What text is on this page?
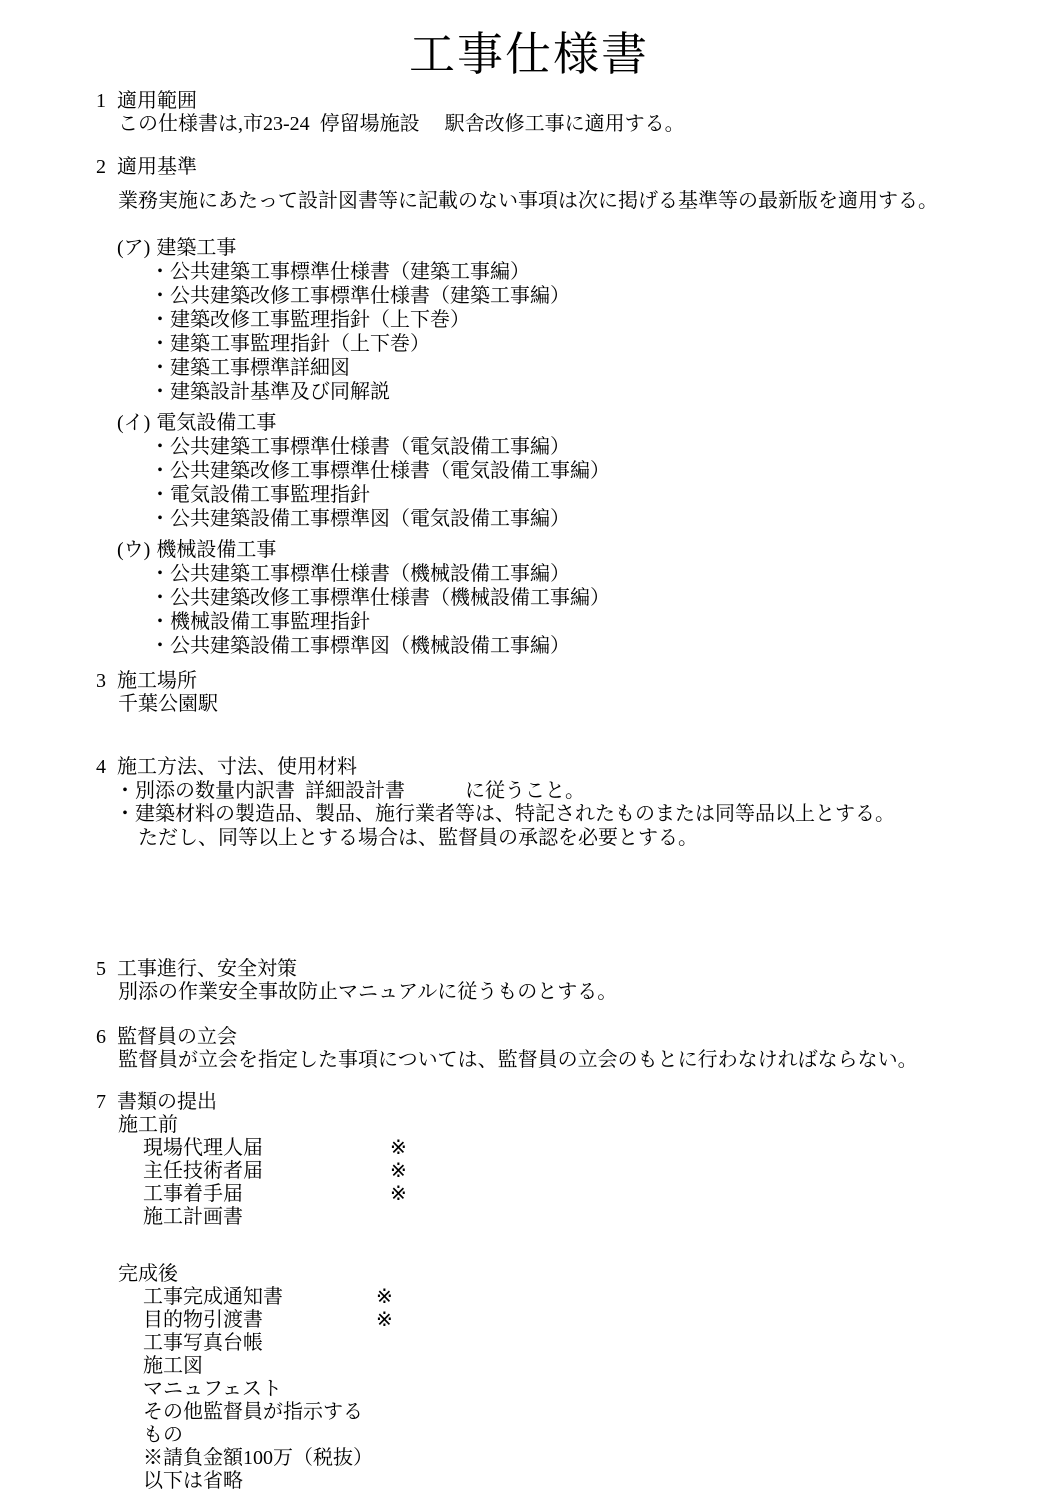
工事仕様書
1 適用範囲
この仕様書は,市23-24  停留場施設　 駅舎改修工事に適用する。
2 適用基準
業務実施にあたって設計図書等に記載のない事項は次に掲げる基準等の最新版を適用する。
(ア) 建築工事
・公共建築工事標準仕様書（建築工事編）
・公共建築改修工事標準仕様書（建築工事編）
・建築改修工事監理指針（上下巻）
・建築工事監理指針（上下巻）
・建築工事標準詳細図
・建築設計基準及び同解説
(イ) 電気設備工事
・公共建築工事標準仕様書（電気設備工事編）
・公共建築改修工事標準仕様書（電気設備工事編）
・電気設備工事監理指針
・公共建築設備工事標準図（電気設備工事編）
(ウ) 機械設備工事
・公共建築工事標準仕様書（機械設備工事編）
・公共建築改修工事標準仕様書（機械設備工事編）
・機械設備工事監理指針
・公共建築設備工事標準図（機械設備工事編）
3 施工場所
千葉公園駅
4 施工方法、寸法、使用材料
・別添の数量内訳書  詳細設計書　　　に従うこと。
・建築材料の製造品、製品、施行業者等は、特記されたものまたは同等品以上とする。
ただし、同等以上とする場合は、監督員の承認を必要とする。
5 工事進行、安全対策
別添の作業安全事故防止マニュアルに従うものとする。
6 監督員の立会
監督員が立会を指定した事項については、監督員の立会のもとに行わなければならない。
7 書類の提出
施工前
現場代理人届	※
主任技術者届	※
工事着手届	※
施工計画書
完成後
工事完成通知書	※
目的物引渡書	※
工事写真台帳
施工図
マニュフェスト
その他監督員が指示するもの
※請負金額100万（税抜）以下は省略
